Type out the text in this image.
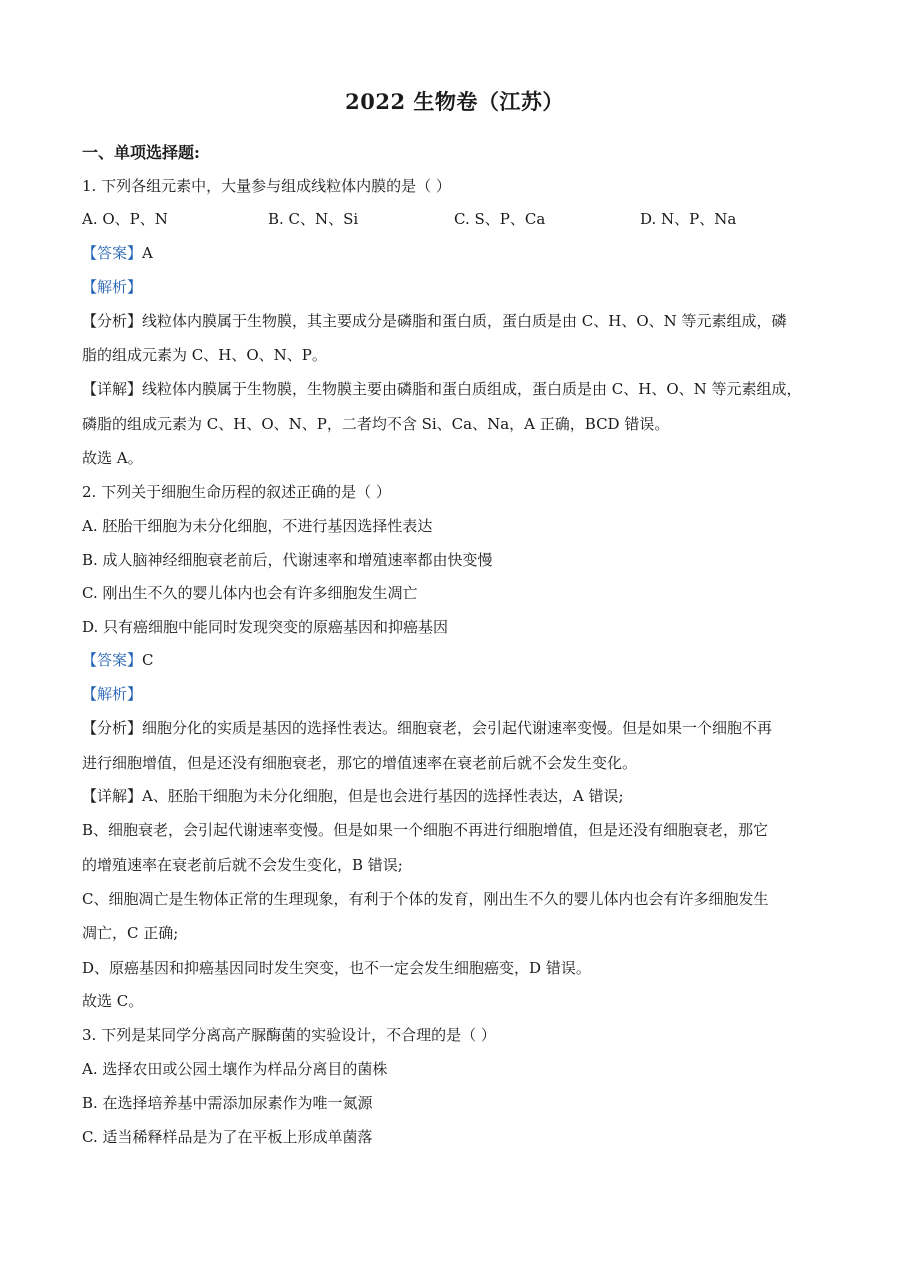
2022 生物卷（江苏）
一、单项选择题:
1. 下列各组元素中，大量参与组成线粒体内膜的是（ ）
A. O、P、N	B. C、N、Si	C. S、P、Ca	D. N、P、Na
【答案】A
【解析】
【分析】线粒体内膜属于生物膜，其主要成分是磷脂和蛋白质，蛋白质是由 C、H、O、N 等元素组成，磷
脂的组成元素为 C、H、O、N、P。
【详解】线粒体内膜属于生物膜，生物膜主要由磷脂和蛋白质组成，蛋白质是由 C、H、O、N 等元素组成，
磷脂的组成元素为 C、H、O、N、P，二者均不含 Si、Ca、Na，A 正确，BCD 错误。
故选 A。
2. 下列关于细胞生命历程的叙述正确的是（ ）
A. 胚胎干细胞为未分化细胞，不进行基因选择性表达
B. 成人脑神经细胞衰老前后，代谢速率和增殖速率都由快变慢
C. 刚出生不久的婴儿体内也会有许多细胞发生凋亡
D. 只有癌细胞中能同时发现突变的原癌基因和抑癌基因
【答案】C
【解析】
【分析】细胞分化的实质是基因的选择性表达。细胞衰老，会引起代谢速率变慢。但是如果一个细胞不再
进行细胞增值，但是还没有细胞衰老，那它的增值速率在衰老前后就不会发生变化。
【详解】A、胚胎干细胞为未分化细胞，但是也会进行基因的选择性表达，A 错误;
B、细胞衰老，会引起代谢速率变慢。但是如果一个细胞不再进行细胞增值，但是还没有细胞衰老，那它
的增殖速率在衰老前后就不会发生变化，B 错误;
C、细胞凋亡是生物体正常的生理现象，有利于个体的发育，刚出生不久的婴儿体内也会有许多细胞发生
凋亡，C 正确;
D、原癌基因和抑癌基因同时发生突变，也不一定会发生细胞癌变，D 错误。
故选 C。
3. 下列是某同学分离高产脲酶菌的实验设计，不合理的是（ ）
A. 选择农田或公园土壤作为样品分离目的菌株
B. 在选择培养基中需添加尿素作为唯一氮源
C. 适当稀释样品是为了在平板上形成单菌落
